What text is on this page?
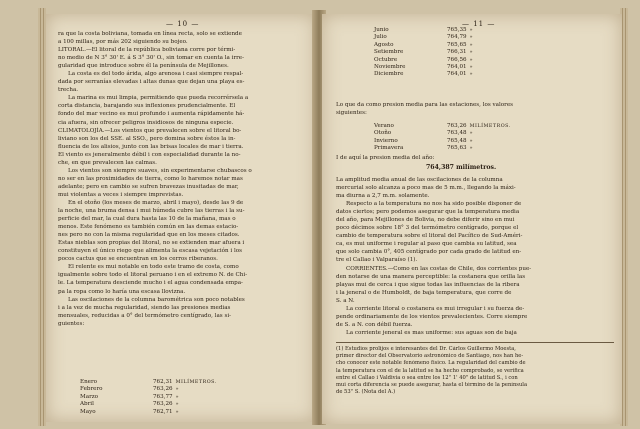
— 10 —
ra que la costa boliviana, tomada en línea recta, solo se extiende
a 100 millas, por más 202 siguiendo su bojeo.
LITORAL.—El litoral de la república boliviana corre por térmi-
no medio de N 3° 30' E. á S 3° 30' O., sin tomar en cuenta la irre-
gularidad que introduce sobre él la península de Mejillones.
La costa es del todo árida, algo arenosa i casi siempre respal-
dada por serranías elevadas i altas dunas que dejan una playa es-
trecha.
La marina es mui limpia, permitiendo que pueda recorrérsela a
corta distancia, barajando sus inflexiones prudencialmente. El
fondo del mar vecino es mui profundo i aumenta rápidamente há-
cia afuera, sin ofrecer peligros insidiosos de ninguna especie.
CLIMATOLOJÍA.—Los vientos que prevalecen sobre el litoral bo-
liviano son los del SSE. al SSO., pero domina sobre éstos la in-
fluencia de los alisios, junto con las brisas locales de mar i tierra.
El viento es jeneralmente débil i con especialidad durante la no-
che, en que prevalecen las calmas.
Los vientos son siempre suaves, sin experimentarse chubascos o
no ser en las proximidades de tierra, como lo haremos notar mas
adelante; pero en cambio se sufren bravezas inusitadas de mar,
mui violentas a veces i siempre imprevistas.
En el otoño (los meses de marzo, abril i mayo), desde las 9 de
la noche, una bruma densa i mui húmeda cubre las tierras i la su-
perficie del mar, la cual dura hasta las 10 de la mañana, mas o
menos. Este fenómeno es también común en las demas estacio-
nes pero no con la misma regularidad que en los meses citados.
Estas nieblas son propias del litoral, no se extienden mar afuera i
constituyen el único riego que alimenta la escasa vejetación i los
pocos cactus que se encuentran en los cerros riberanos.
El relente es mui notable en todo este tramo de costa, como
igualmente sobre todo el litoral peruano i en el extremo N. de Chi-
le. La temperatura desciende mucho i el agua condensada empa-
pa la ropa como lo haría una escasa llovizna.
Las oscilaciones de la columna barométrica son poco notables
i a la vez de mucha regularidad, siendo las presiones medias
mensuales, reducidas a 0° del termómetro centígrado, las si-
guientes:
Enero	762,31	MILÍMETROS.
Febrero	763,26	»
Marzo	763,77	»
Abril	763,26	»
Mayo	762,71	»
— 11 —
Junio	765,35	»
Julio	764,79	»
Agosto	765,65	»
Setiembre	766,31	»
Octubre	766,56	»
Noviembre	764,01	»
Diciembre	764,01	»
Lo que da como presion media para las estaciones, los valores
siguientes:
Verano	763,26	MILÍMETROS.
Otoño	763,48	»
Invierno	765,48	»
Primavera	765,63	»
I de aquí la presion media del año:
764,387 milímetros.
La amplitud media anual de las oscilaciones de la columna
mercurial solo alcanza a poco mas de 5 m.m., llegando la máxi-
ma diurna a 2,7 m.m. solamente.
Respecto a la temperatura no nos ha sido posible disponer de
datos ciertos; pero podemos asegurar que la temperatura media
del año, para Mejillones de Bolivia, no debe diferir sino en mui
poco décimos sobre 18° 3 del termómetro centígrado, porque el
cambio de temperatura sobre el litoral del Pacífico de Sud-Améri-
ca, es mui uniforme i regular al paso que cambia su latitud, sea
que solo cambia 0°, 405 centígrado por cada grado de latitud en-
tre el Callao i Valparaíso (1).
CORRIENTES.—Como en las costas de Chile, dos corrientes pue-
den notarse de una manera perceptible: la costanera que orilla las
playas mui de cerca i que sigue todas las influencias de la ribera
i la jeneral o de Humboldt, de baja temperatura, que corre de
S. a N.
La corriente litoral o costanera es mui irregular i su fuerza de-
pende ordinariamente de los vientos prevalecientes. Corre siempre
de S. a N. con débil fuerza.
La corriente jeneral es mas uniforme: sus aguas son de baja
(1) Estudios prolijos e interesantes del Dr. Cárlos Guillermo Moesta,
primer director del Observatorio astronómico de Santiago, nos han he-
cho conocer este notable fenómeno físico. La regularidad del cambio de
la temperatura con el de la latitud se ha hecho comprobado, se verifica
entre el Callao i Valdivia o sea entre los 12° 1' 40" de latitud S., i con
mui corta diferencia se puede asegurar, hasta el término de la península
de 53° S. (Nota del A.)
